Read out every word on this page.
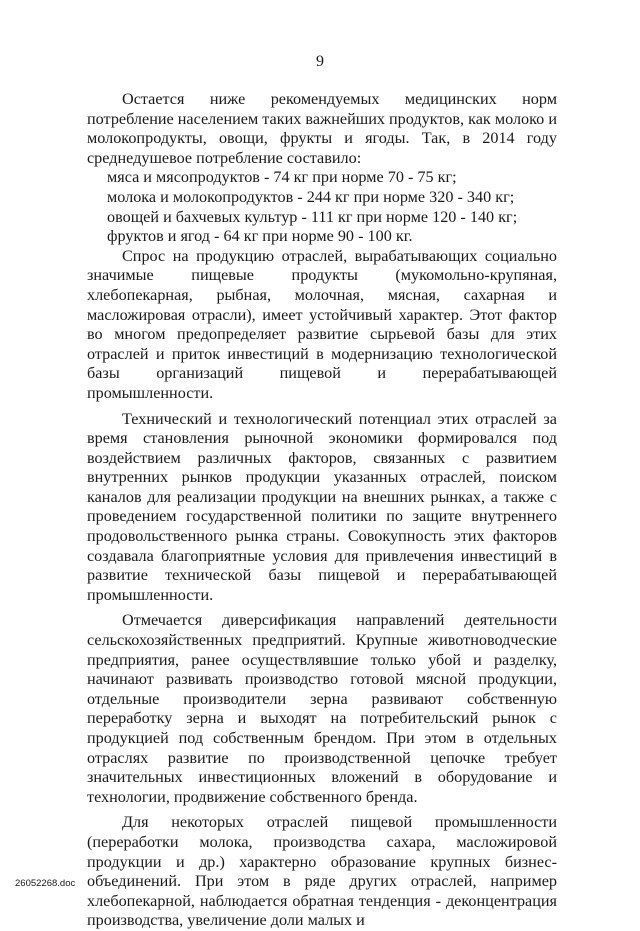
9

Остается ниже рекомендуемых медицинских норм потребление населением таких важнейших продуктов, как молоко и молокопродукты, овощи, фрукты и ягоды. Так, в 2014 году среднедушевое потребление составило:

мяса и мясопродуктов - 74 кг при норме 70 - 75 кг;

молока и молокопродуктов - 244 кг при норме 320 - 340 кг;

овощей и бахчевых культур - 111 кг при норме 120 - 140 кг;

фруктов и ягод - 64 кг при норме 90 - 100 кг.

Спрос на продукцию отраслей, вырабатывающих социально значимые пищевые продукты (мукомольно-крупяная, хлебопекарная, рыбная, молочная, мясная, сахарная и масложировая отрасли), имеет устойчивый характер. Этот фактор во многом предопределяет развитие сырьевой базы для этих отраслей и приток инвестиций в модернизацию технологической базы организаций пищевой и перерабатывающей промышленности.

Технический и технологический потенциал этих отраслей за время становления рыночной экономики формировался под воздействием различных факторов, связанных с развитием внутренних рынков продукции указанных отраслей, поиском каналов для реализации продукции на внешних рынках, а также с проведением государственной политики по защите внутреннего продовольственного рынка страны. Совокупность этих факторов создавала благоприятные условия для привлечения инвестиций в развитие технической базы пищевой и перерабатывающей промышленности.

Отмечается диверсификация направлений деятельности сельскохозяйственных предприятий. Крупные животноводческие предприятия, ранее осуществлявшие только убой и разделку, начинают развивать производство готовой мясной продукции, отдельные производители зерна развивают собственную переработку зерна и выходят на потребительский рынок с продукцией под собственным брендом. При этом в отдельных отраслях развитие по производственной цепочке требует значительных инвестиционных вложений в оборудование и технологии, продвижение собственного бренда.

Для некоторых отраслей пищевой промышленности (переработки молока, производства сахара, масложировой продукции и др.) характерно образование крупных бизнес-объединений. При этом в ряде других отраслей, например хлебопекарной, наблюдается обратная тенденция - деконцентрация производства, увеличение доли малых и

26052268.doc
